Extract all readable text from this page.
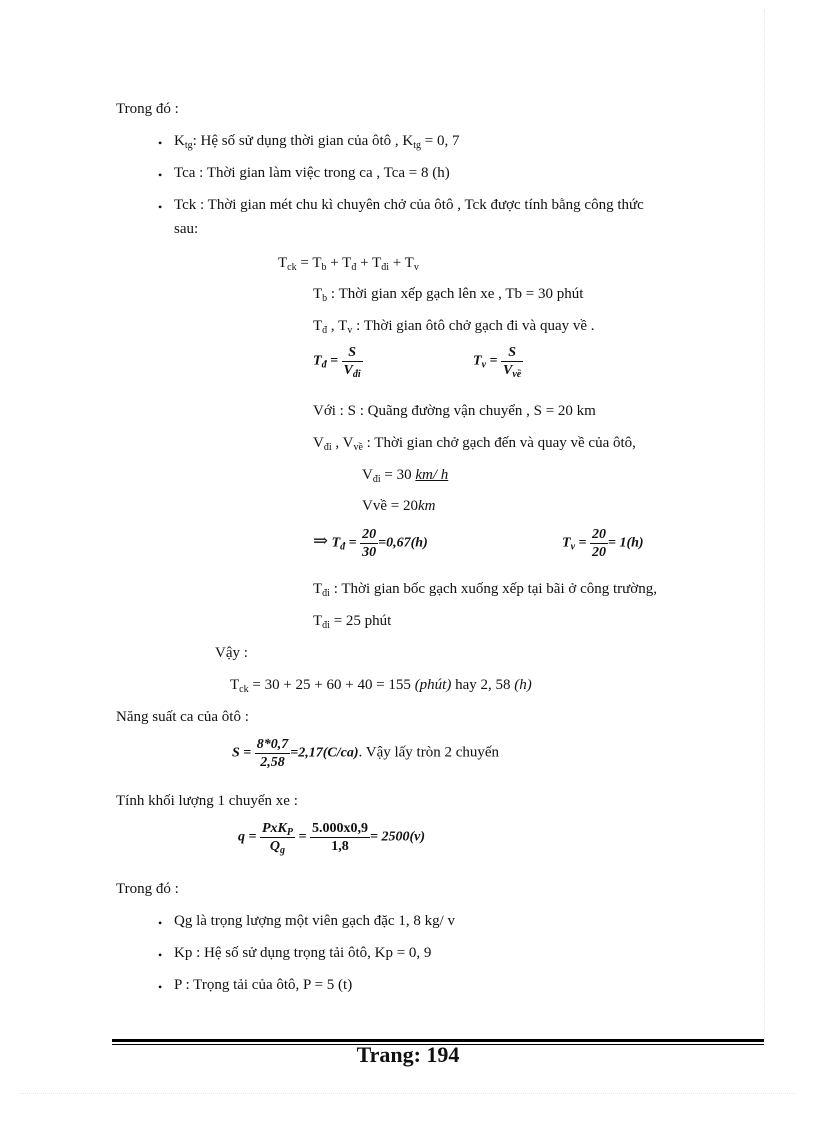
Trong đó :
• $K_{tg}$: Hệ số sử dụng thời gian của ôtô , $K_{tg} = 0$, 7
• Tca : Thời gian làm việc trong ca , Tca = 8 (h)
• Tck : Thời gian mét chu kì chuyên chở của ôtô , Tck được tính bằng công thức
sau:
$T_{ck} = T_b + T_đ + T_{đi} + T_v$
$T_b$ : Thời gian xếp gạch lên xe , Tb = 30 phút
$T_đ$ , $T_v$ : Thời gian ôtô chở gạch đi và quay về .
$T_đ = \frac{S}{V_{đi}}$	$T_v = \frac{S}{V_{về}}$
Với : S : Quãng đường vận chuyển , S = 20 km
$V_{đi}$ , $V_{về}$ : Thời gian chở gạch đến và quay về của ôtô,
$V_{đi} = 30$ km/ h
Vvề = 20km
⇒ $T_đ = \frac{20}{30} =0,67(h)$	$T_v = \frac{20}{20} = 1(h)$
$T_{đi}$ : Thời gian bốc gạch xuống xếp tại bãi ở công trường,
$T_{đi} = 25$ phút
Vậy :
$T_{ck} = 30 + 25 + 60 + 40 = 155$ (phút) hay 2, 58 (h)
Năng suất ca của ôtô :
$S = \frac{8*0,7}{2,58} =2,17(C/ca)$. Vậy lấy tròn 2 chuyến
Tính khối lượng 1 chuyến xe :
$q = \frac{PxK_P}{Q_g} = \frac{5.000x0,9}{1,8} = 2500(v)$
Trong đó :
• Qg là trọng lượng một viên gạch đặc 1, 8 kg/ v
• Kp : Hệ số sử dụng trọng tải ôtô, Kp = 0, 9
• P : Trọng tải của ôtô, P = 5 (t)
Trang: 194
